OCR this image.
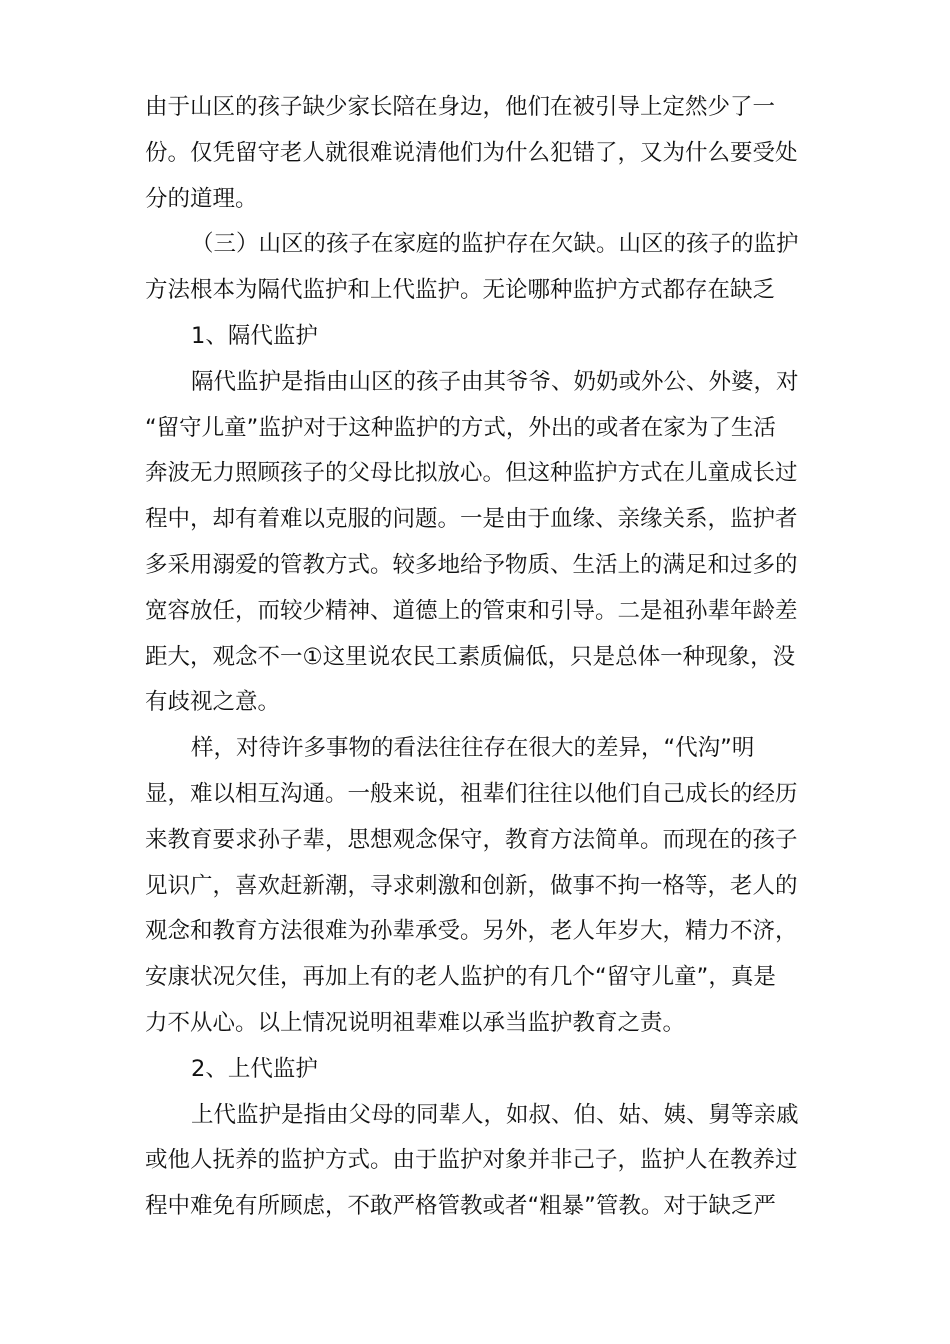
由于山区的孩子缺少家长陪在身边，他们在被引导上定然少了一
份。仅凭留守老人就很难说清他们为什么犯错了，又为什么要受处
分的道理。
（三）山区的孩子在家庭的监护存在欠缺。山区的孩子的监护
方法根本为隔代监护和上代监护。无论哪种监护方式都存在缺乏
1、隔代监护
隔代监护是指由山区的孩子由其爷爷、奶奶或外公、外婆，对
“留守儿童”监护对于这种监护的方式，外出的或者在家为了生活
奔波无力照顾孩子的父母比拟放心。但这种监护方式在儿童成长过
程中，却有着难以克服的问题。一是由于血缘、亲缘关系，监护者
多采用溺爱的管教方式。较多地给予物质、生活上的满足和过多的
宽容放任，而较少精神、道德上的管束和引导。二是祖孙辈年龄差
距大，观念不一①这里说农民工素质偏低，只是总体一种现象，没
有歧视之意。
样，对待许多事物的看法往往存在很大的差异，“代沟”明
显，难以相互沟通。一般来说，祖辈们往往以他们自己成长的经历
来教育要求孙子辈，思想观念保守，教育方法简单。而现在的孩子
见识广，喜欢赶新潮，寻求刺激和创新，做事不拘一格等，老人的
观念和教育方法很难为孙辈承受。另外，老人年岁大，精力不济，
安康状况欠佳，再加上有的老人监护的有几个“留守儿童”，真是
力不从心。以上情况说明祖辈难以承当监护教育之责。
2、上代监护
上代监护是指由父母的同辈人，如叔、伯、姑、姨、舅等亲戚
或他人抚养的监护方式。由于监护对象并非己子，监护人在教养过
程中难免有所顾虑，不敢严格管教或者“粗暴”管教。对于缺乏严
